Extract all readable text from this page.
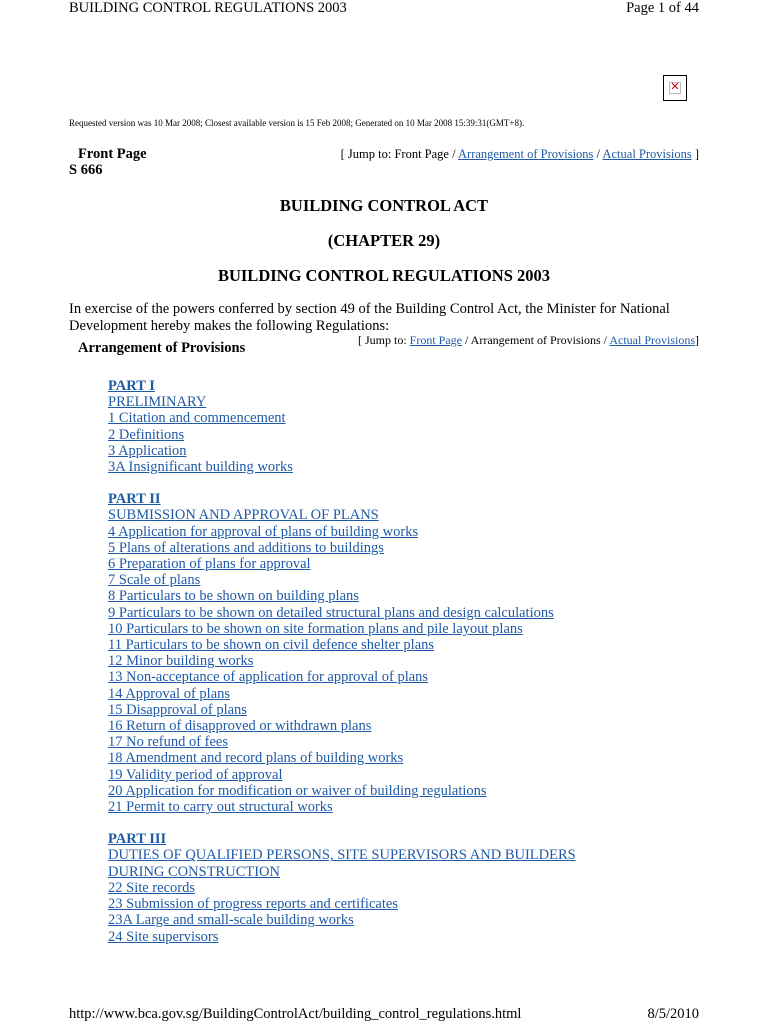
BUILDING CONTROL REGULATIONS 2003	Page 1 of 44
✕
Requested version was 10 Mar 2008; Closest available version is 15 Feb 2008; Generated on 10 Mar 2008 15:39:31(GMT+8).
Front Page
S 666
[ Jump to: Front Page / Arrangement of Provisions / Actual Provisions ]
BUILDING CONTROL ACT
(CHAPTER 29)
BUILDING CONTROL REGULATIONS 2003
In exercise of the powers conferred by section 49 of the Building Control Act, the Minister for National Development hereby makes the following Regulations:
Arrangement of Provisions	[ Jump to: Front Page / Arrangement of Provisions / Actual Provisions]
PART I
PRELIMINARY
1 Citation and commencement
2 Definitions
3 Application
3A Insignificant building works
PART II
SUBMISSION AND APPROVAL OF PLANS
4 Application for approval of plans of building works
5 Plans of alterations and additions to buildings
6 Preparation of plans for approval
7 Scale of plans
8 Particulars to be shown on building plans
9 Particulars to be shown on detailed structural plans and design calculations
10 Particulars to be shown on site formation plans and pile layout plans
11 Particulars to be shown on civil defence shelter plans
12 Minor building works
13 Non-acceptance of application for approval of plans
14 Approval of plans
15 Disapproval of plans
16 Return of disapproved or withdrawn plans
17 No refund of fees
18 Amendment and record plans of building works
19 Validity period of approval
20 Application for modification or waiver of building regulations
21 Permit to carry out structural works
PART III
DUTIES OF QUALIFIED PERSONS, SITE SUPERVISORS AND BUILDERS
DURING CONSTRUCTION
22 Site records
23 Submission of progress reports and certificates
23A Large and small-scale building works
24 Site supervisors
http://www.bca.gov.sg/BuildingControlAct/building_control_regulations.html	8/5/2010
